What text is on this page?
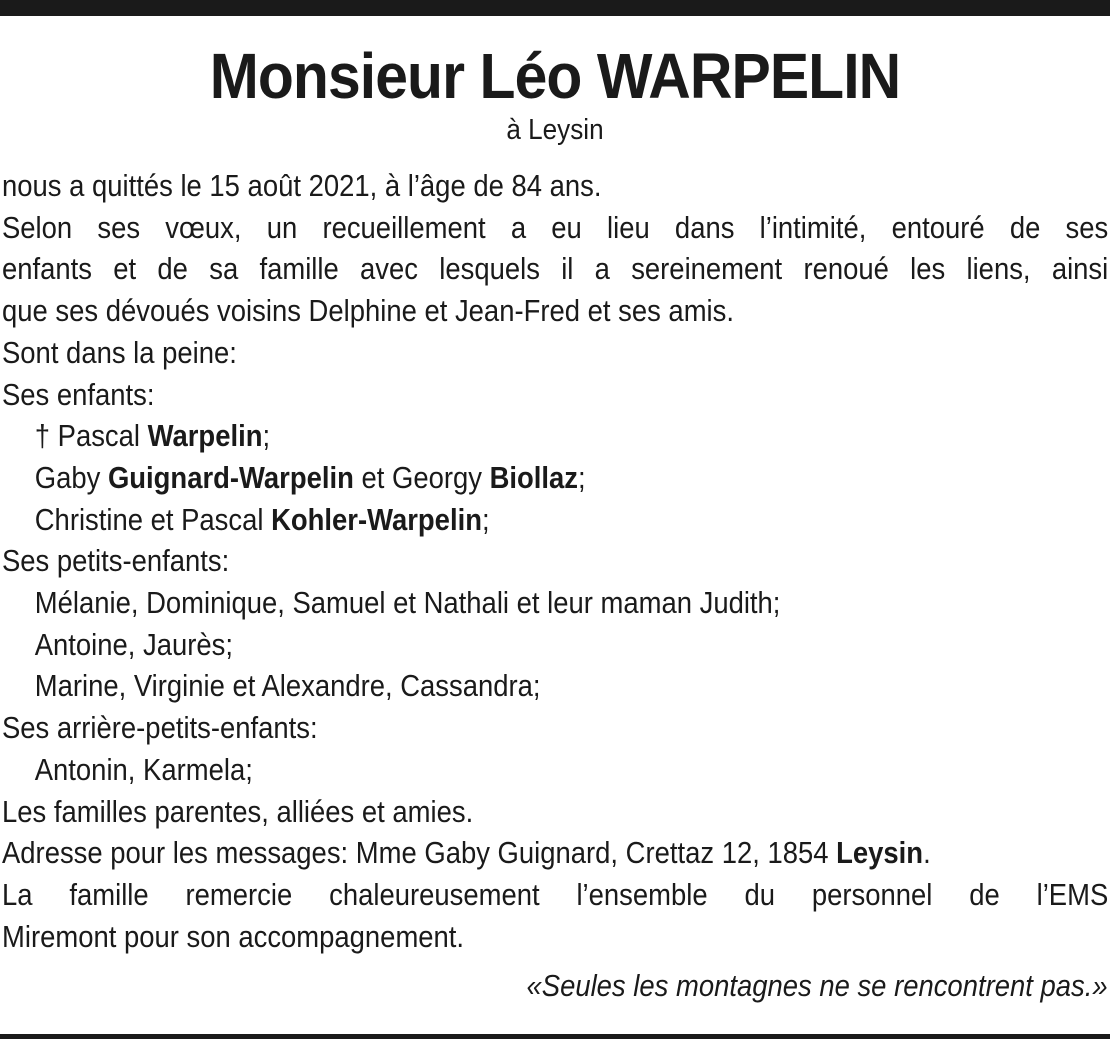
Monsieur Léo WARPELIN
à Leysin
nous a quittés le 15 août 2021, à l’âge de 84 ans.
Selon ses vœux, un recueillement a eu lieu dans l’intimité, entouré de ses
enfants et de sa famille avec lesquels il a sereinement renoué les liens, ainsi
que ses dévoués voisins Delphine et Jean-Fred et ses amis.
Sont dans la peine:
Ses enfants:
† Pascal Warpelin;
Gaby Guignard-Warpelin et Georgy Biollaz;
Christine et Pascal Kohler-Warpelin;
Ses petits-enfants:
Mélanie, Dominique, Samuel et Nathali et leur maman Judith;
Antoine, Jaurès;
Marine, Virginie et Alexandre, Cassandra;
Ses arrière-petits-enfants:
Antonin, Karmela;
Les familles parentes, alliées et amies.
Adresse pour les messages: Mme Gaby Guignard, Crettaz 12, 1854 Leysin.
La famille remercie chaleureusement l’ensemble du personnel de l’EMS
Miremont pour son accompagnement.
«Seules les montagnes ne se rencontrent pas.»
